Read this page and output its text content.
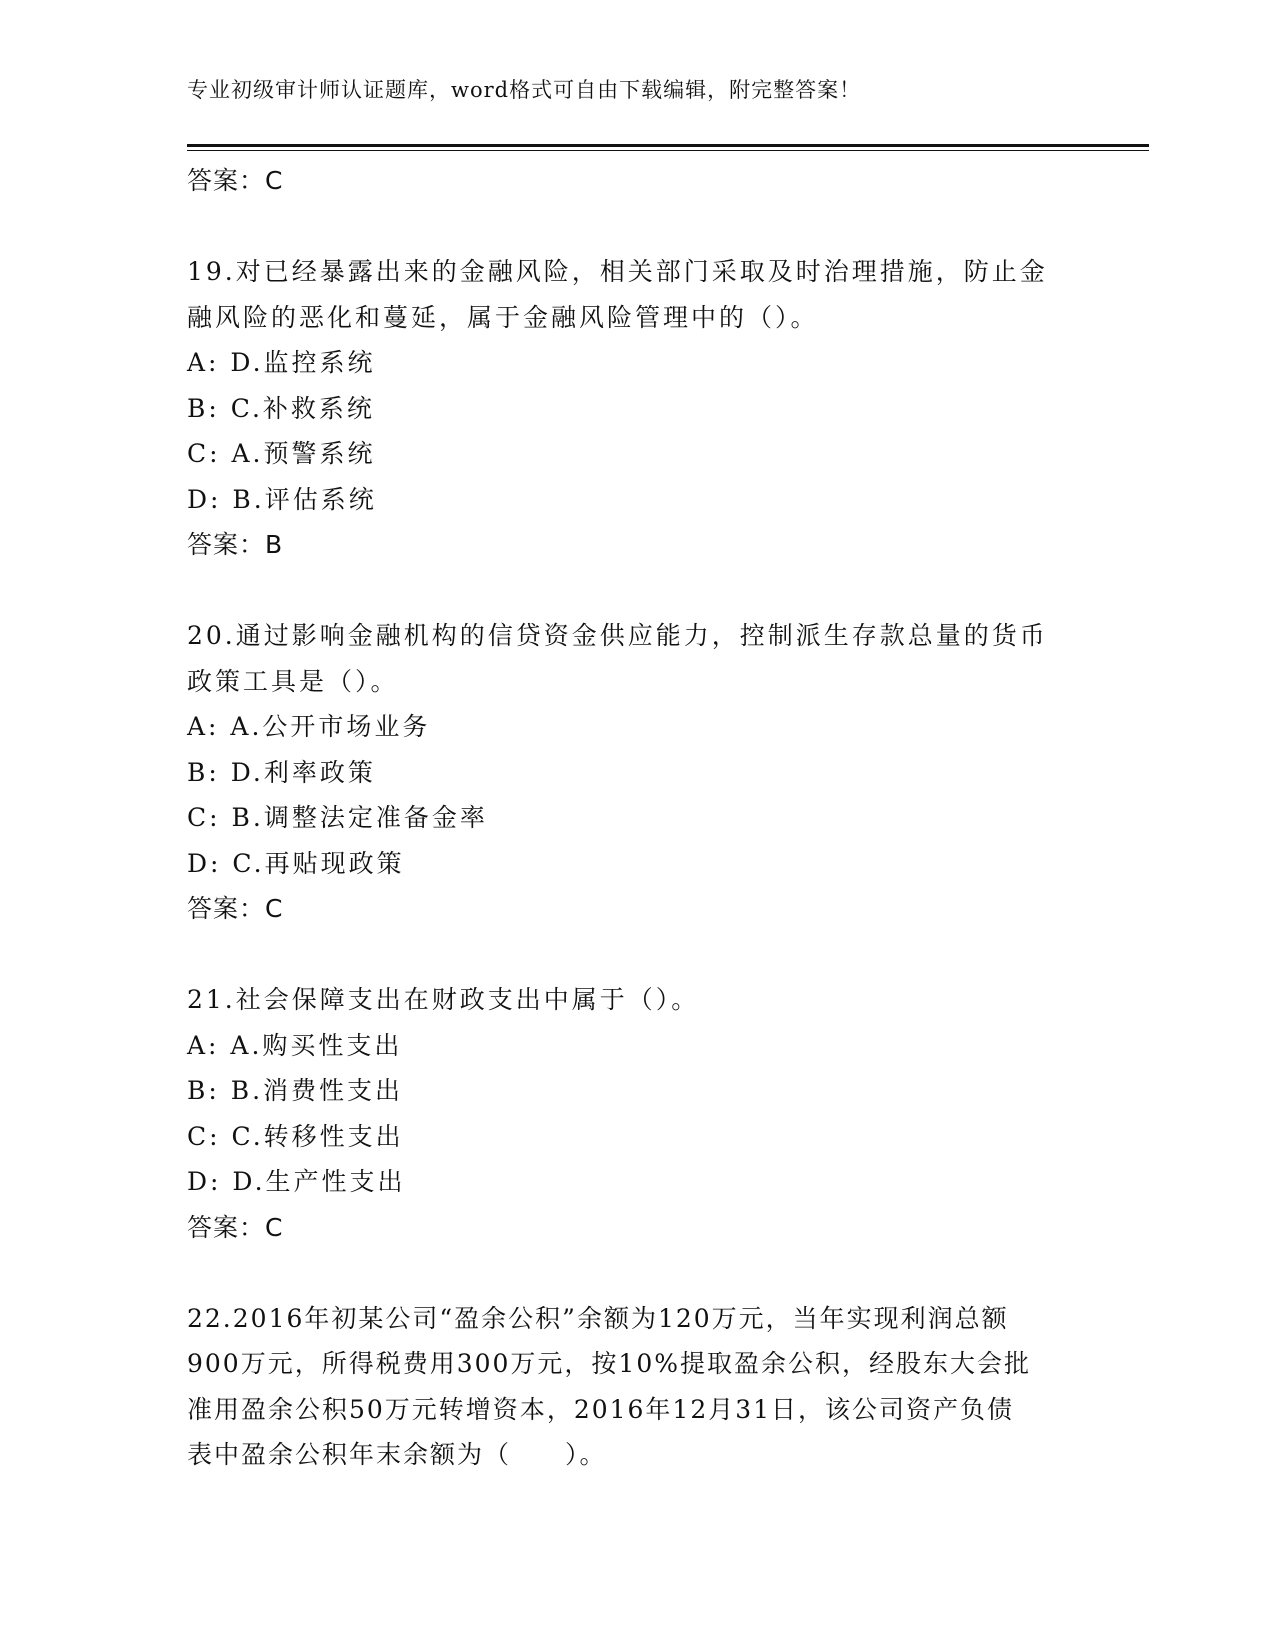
专业初级审计师认证题库，word格式可自由下载编辑，附完整答案！
答案：C
19.对已经暴露出来的金融风险，相关部门采取及时治理措施，防止金
融风险的恶化和蔓延，属于金融风险管理中的（）。
A: D.监控系统
B: C.补救系统
C: A.预警系统
D: B.评估系统
答案：B
20.通过影响金融机构的信贷资金供应能力，控制派生存款总量的货币
政策工具是（）。
A: A.公开市场业务
B: D.利率政策
C: B.调整法定准备金率
D: C.再贴现政策
答案：C
21.社会保障支出在财政支出中属于（）。
A: A.购买性支出
B: B.消费性支出
C: C.转移性支出
D: D.生产性支出
答案：C
22.2016年初某公司“盈余公积”余额为120万元，当年实现利润总额
900万元，所得税费用300万元，按10%提取盈余公积，经股东大会批
准用盈余公积50万元转增资本，2016年12月31日，该公司资产负债
表中盈余公积年末余额为（　　）。
